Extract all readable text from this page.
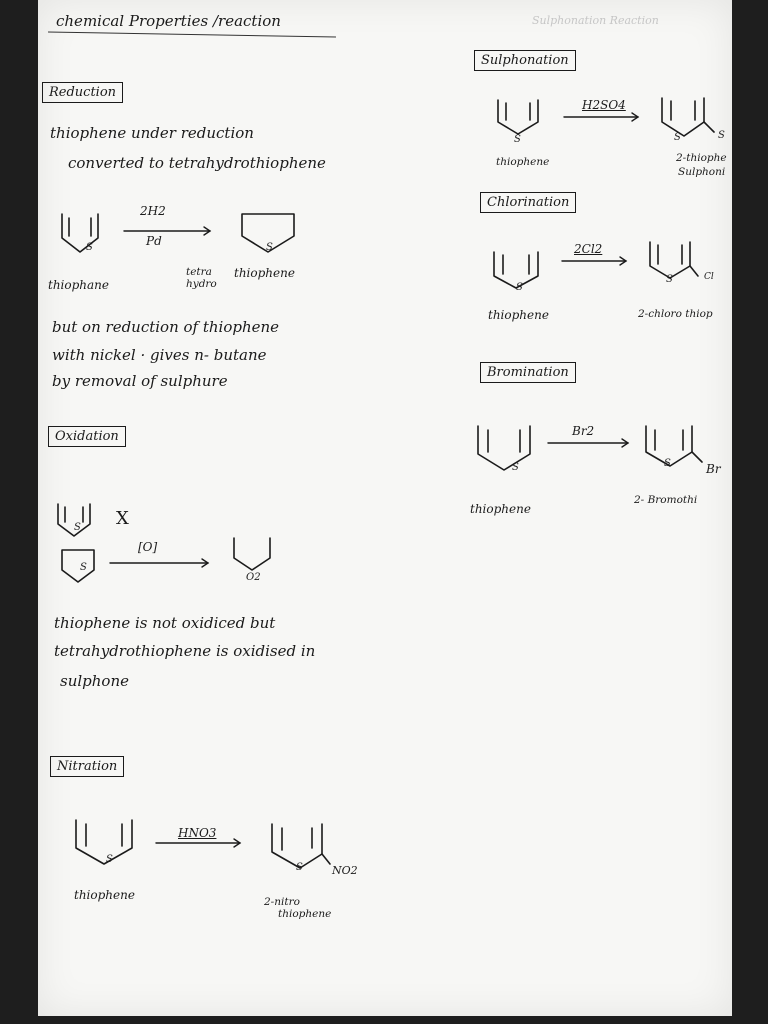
chemical Properties /reaction	Sulphonation Reaction
Reduction
thiophene under reduction
converted to tetrahydrothiophene
S
2H2
Pd	S
thiophane
tetra hydro
thiophene
but on reduction of thiophene
with nickel · gives n- butane
by removal of sulphure
Oxidation
S X
S
[O]
O2
thiophene is not oxidiced but
tetrahydrothiophene is oxidised in
sulphone
Nitration
S
HNO3
S	NO2
thiophene	2-nitro
thiophene
Sulphonation
S
H2SO4
S	S
thiophene	2-thiophe
Sulphoni
Chlorination
S
2Cl2
S	Cl
thiophene	2-chloro thiop
Bromination
S
Br2
S	Br
thiophene
2- Bromothi
